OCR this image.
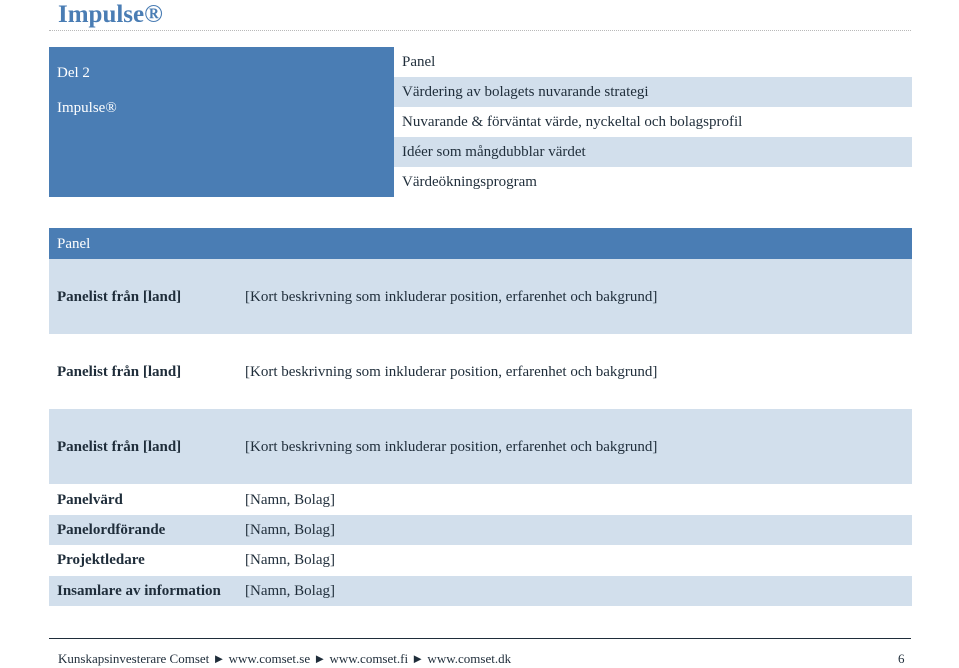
Impulse®
Del 2
Impulse®
Panel
Värdering av bolagets nuvarande strategi
Nuvarande & förväntat värde, nyckeltal och bolagsprofil
Idéer som mångdubblar värdet
Värdeökningsprogram
Panel
Panelist från [land]	[Kort beskrivning som inkluderar position, erfarenhet och bakgrund]
Panelist från [land]	[Kort beskrivning som inkluderar position, erfarenhet och bakgrund]
Panelist från [land]	[Kort beskrivning som inkluderar position, erfarenhet och bakgrund]
Panelvärd	[Namn, Bolag]
Panelordförande	[Namn, Bolag]
Projektledare	[Namn, Bolag]
Insamlare av information [Namn, Bolag]
Kunskapsinvesterare Comset ► www.comset.se ► www.comset.fi ► www.comset.dk	6
